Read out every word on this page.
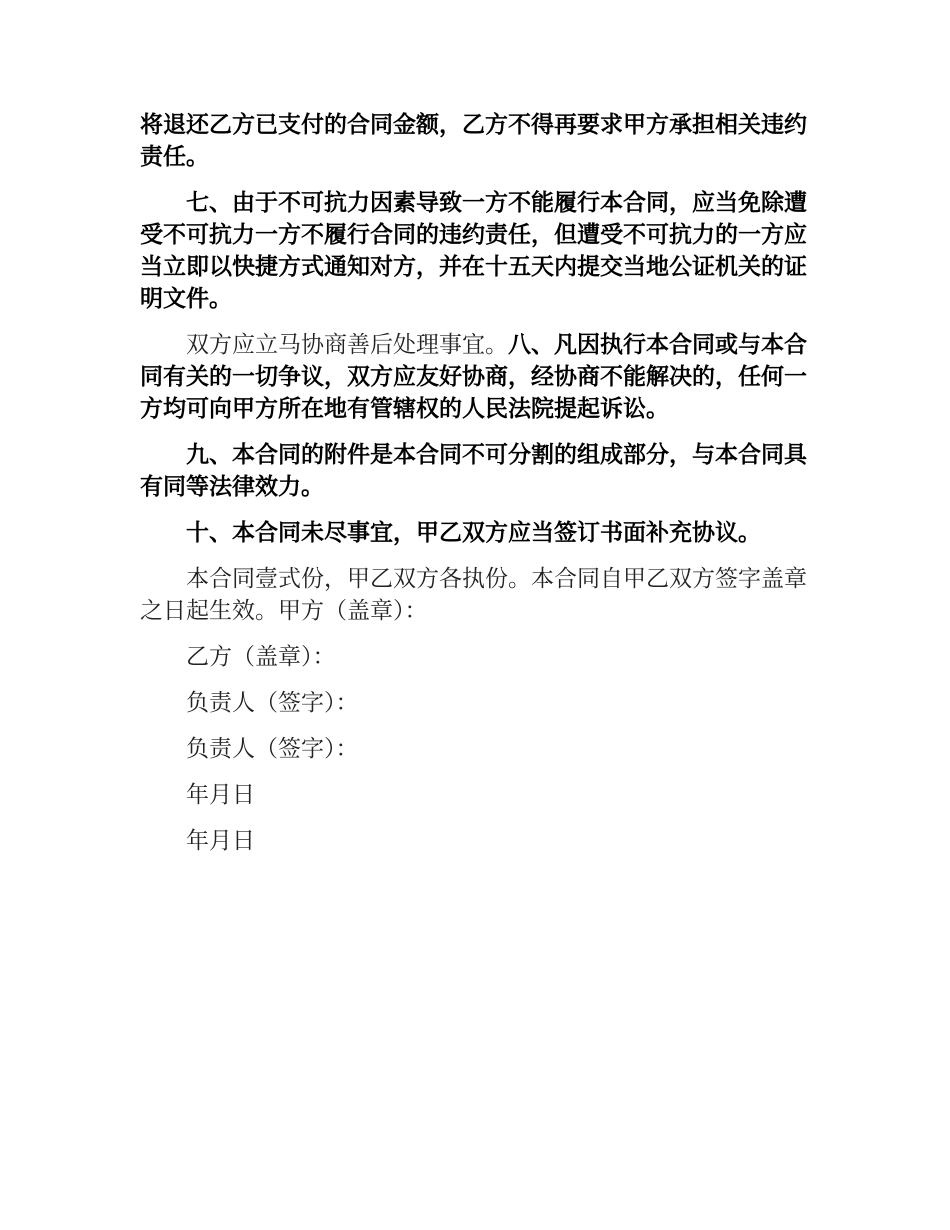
将退还乙方已支付的合同金额，乙方不得再要求甲方承担相关违约责任。

七、由于不可抗力因素导致一方不能履行本合同，应当免除遭受不可抗力一方不履行合同的违约责任，但遭受不可抗力的一方应当立即以快捷方式通知对方，并在十五天内提交当地公证机关的证明文件。

双方应立马协商善后处理事宜。八、凡因执行本合同或与本合同有关的一切争议，双方应友好协商，经协商不能解决的，任何一方均可向甲方所在地有管辖权的人民法院提起诉讼。

九、本合同的附件是本合同不可分割的组成部分，与本合同具有同等法律效力。

十、本合同未尽事宜，甲乙双方应当签订书面补充协议。

本合同壹式份，甲乙双方各执份。本合同自甲乙双方签字盖章之日起生效。甲方（盖章）：

乙方（盖章）：

负责人（签字）：

负责人（签字）：

年月日

年月日
